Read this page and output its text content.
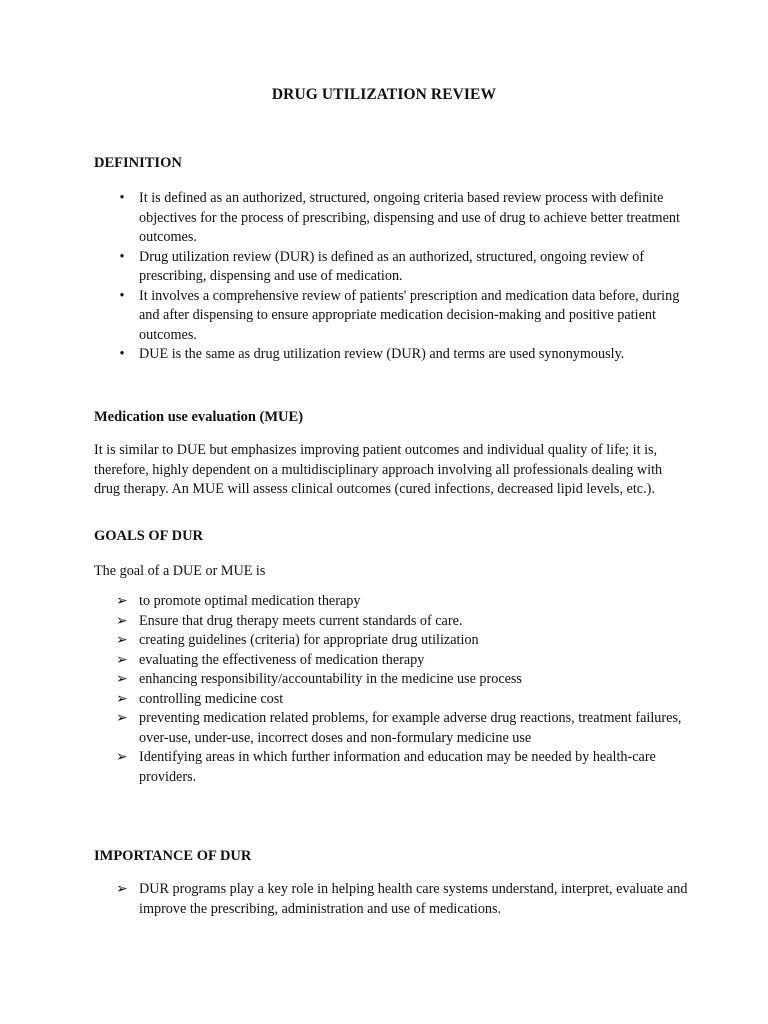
DRUG UTILIZATION REVIEW
DEFINITION
•	It is defined as an authorized, structured, ongoing criteria based review process with definite objectives for the process of prescribing, dispensing and use of drug to achieve better treatment outcomes.
•	Drug utilization review (DUR) is defined as an authorized, structured, ongoing review of prescribing, dispensing and use of medication.
•	It involves a comprehensive review of patients' prescription and medication data before, during and after dispensing to ensure appropriate medication decision-making and positive patient outcomes.
•	DUE is the same as drug utilization review (DUR) and terms are used synonymously.
Medication use evaluation (MUE)

It is similar to DUE but emphasizes improving patient outcomes and individual quality of life; it is, therefore, highly dependent on a multidisciplinary approach involving all professionals dealing with drug therapy. An MUE will assess clinical outcomes (cured infections, decreased lipid levels, etc.).

GOALS OF DUR

The goal of a DUE or MUE is

➢ to promote optimal medication therapy
➢ Ensure that drug therapy meets current standards of care.
➢ creating guidelines (criteria) for appropriate drug utilization
➢ evaluating the effectiveness of medication therapy
➢ enhancing responsibility/accountability in the medicine use process
➢ controlling medicine cost
➢ preventing medication related problems, for example adverse drug reactions, treatment failures, over-use, under-use, incorrect doses and non-formulary medicine use
➢ Identifying areas in which further information and education may be needed by health-care providers.
IMPORTANCE OF DUR
➢ DUR programs play a key role in helping health care systems understand, interpret, evaluate and improve the prescribing, administration and use of medications.
